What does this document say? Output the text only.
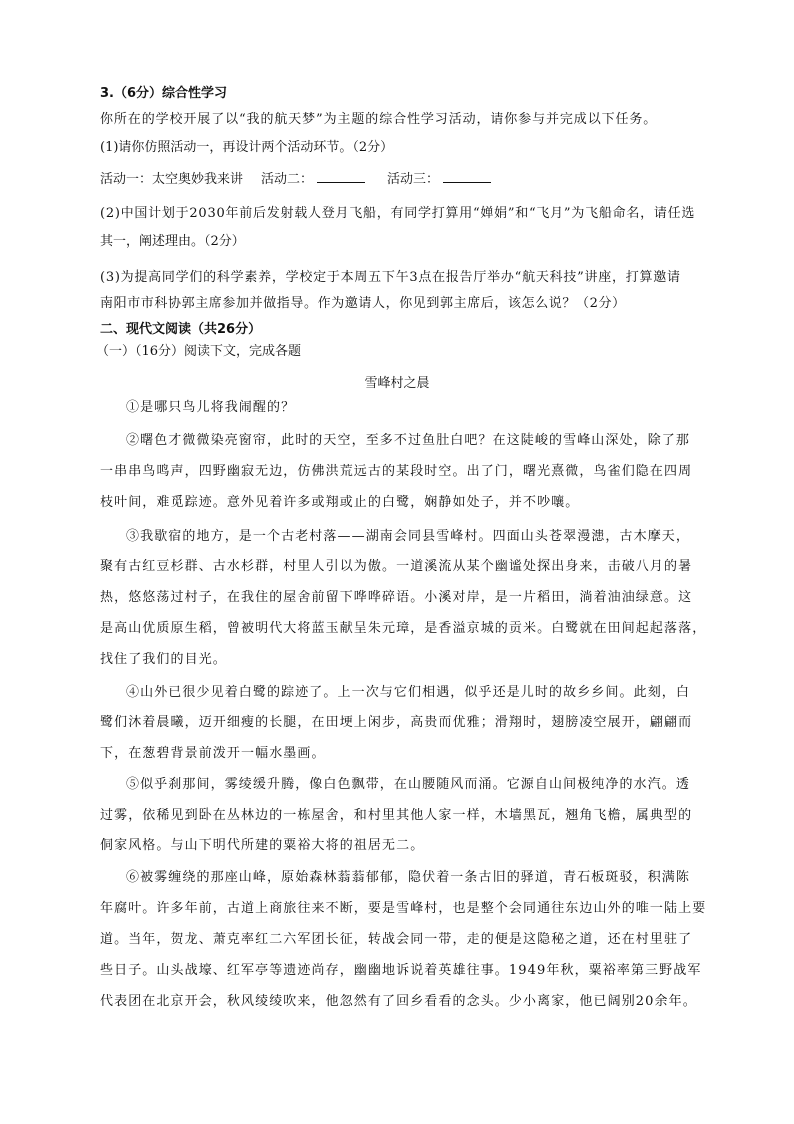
3.（6分）综合性学习
你所在的学校开展了以“我的航天梦”为主题的综合性学习活动，请你参与并完成以下任务。
(1)请你仿照活动一，再设计两个活动环节。（2分）
活动一：太空奥妙我来讲 活动二：	活动三：
(2)中国计划于2030年前后发射载人登月飞船，有同学打算用“婵娟”和“飞月”为飞船命名，请任选
其一，阐述理由。（2分）
(3)为提高同学们的科学素养，学校定于本周五下午3点在报告厅举办“航天科技”讲座，打算邀请
南阳市市科协郭主席参加并做指导。作为邀请人，你见到郭主席后，该怎么说？（2分）
二、现代文阅读（共26分）
（一）（16分）阅读下文，完成各题
雪峰村之晨
①是哪只鸟儿将我闹醒的？
②曙色才微微染亮窗帘，此时的天空，至多不过鱼肚白吧？在这陡峻的雪峰山深处，除了那
一串串鸟鸣声，四野幽寂无边，仿佛洪荒远古的某段时空。出了门，曙光熹微，鸟雀们隐在四周
枝叶间，难觅踪迹。意外见着许多或翔或止的白鹭，娴静如处子，并不吵嚷。
③我歇宿的地方，是一个古老村落——湖南会同县雪峰村。四面山头苍翠漫漶，古木摩天，
聚有古红豆杉群、古水杉群，村里人引以为傲。一道溪流从某个幽谧处探出身来，击破八月的暑
热，悠悠荡过村子，在我住的屋舍前留下哗哗碎语。小溪对岸，是一片稻田，淌着油油绿意。这
是高山优质原生稻，曾被明代大将蓝玉献呈朱元璋，是香溢京城的贡米。白鹭就在田间起起落落，
找住了我们的目光。
④山外已很少见着白鹭的踪迹了。上一次与它们相遇，似乎还是儿时的故乡乡间。此刻，白
鹭们沐着晨曦，迈开细瘦的长腿，在田埂上闲步，高贵而优雅；滑翔时，翅膀凌空展开，翩翩而
下，在葱碧背景前泼开一幅水墨画。
⑤似乎刹那间，雾绫缓升腾，像白色飘带，在山腰随风而涌。它源自山间极纯净的水汽。透
过雾，依稀见到卧在丛林边的一栋屋舍，和村里其他人家一样，木墙黑瓦，翘角飞檐，属典型的
侗家风格。与山下明代所建的粟裕大将的祖居无二。
⑥被雾缠绕的那座山峰，原始森林蓊蓊郁郁，隐伏着一条古旧的驿道，青石板斑驳，积满陈
年腐叶。许多年前，古道上商旅往来不断，要是雪峰村，也是整个会同通往东边山外的唯一陆上要
道。当年，贺龙、萧克率红二六军团长征，转战会同一带，走的便是这隐秘之道，还在村里驻了
些日子。山头战壕、红军亭等遗迹尚存，幽幽地诉说着英雄往事。1949年秋，粟裕率第三野战军
代表团在北京开会，秋风绫绫吹来，他忽然有了回乡看看的念头。少小离家，他已阔别20余年。
